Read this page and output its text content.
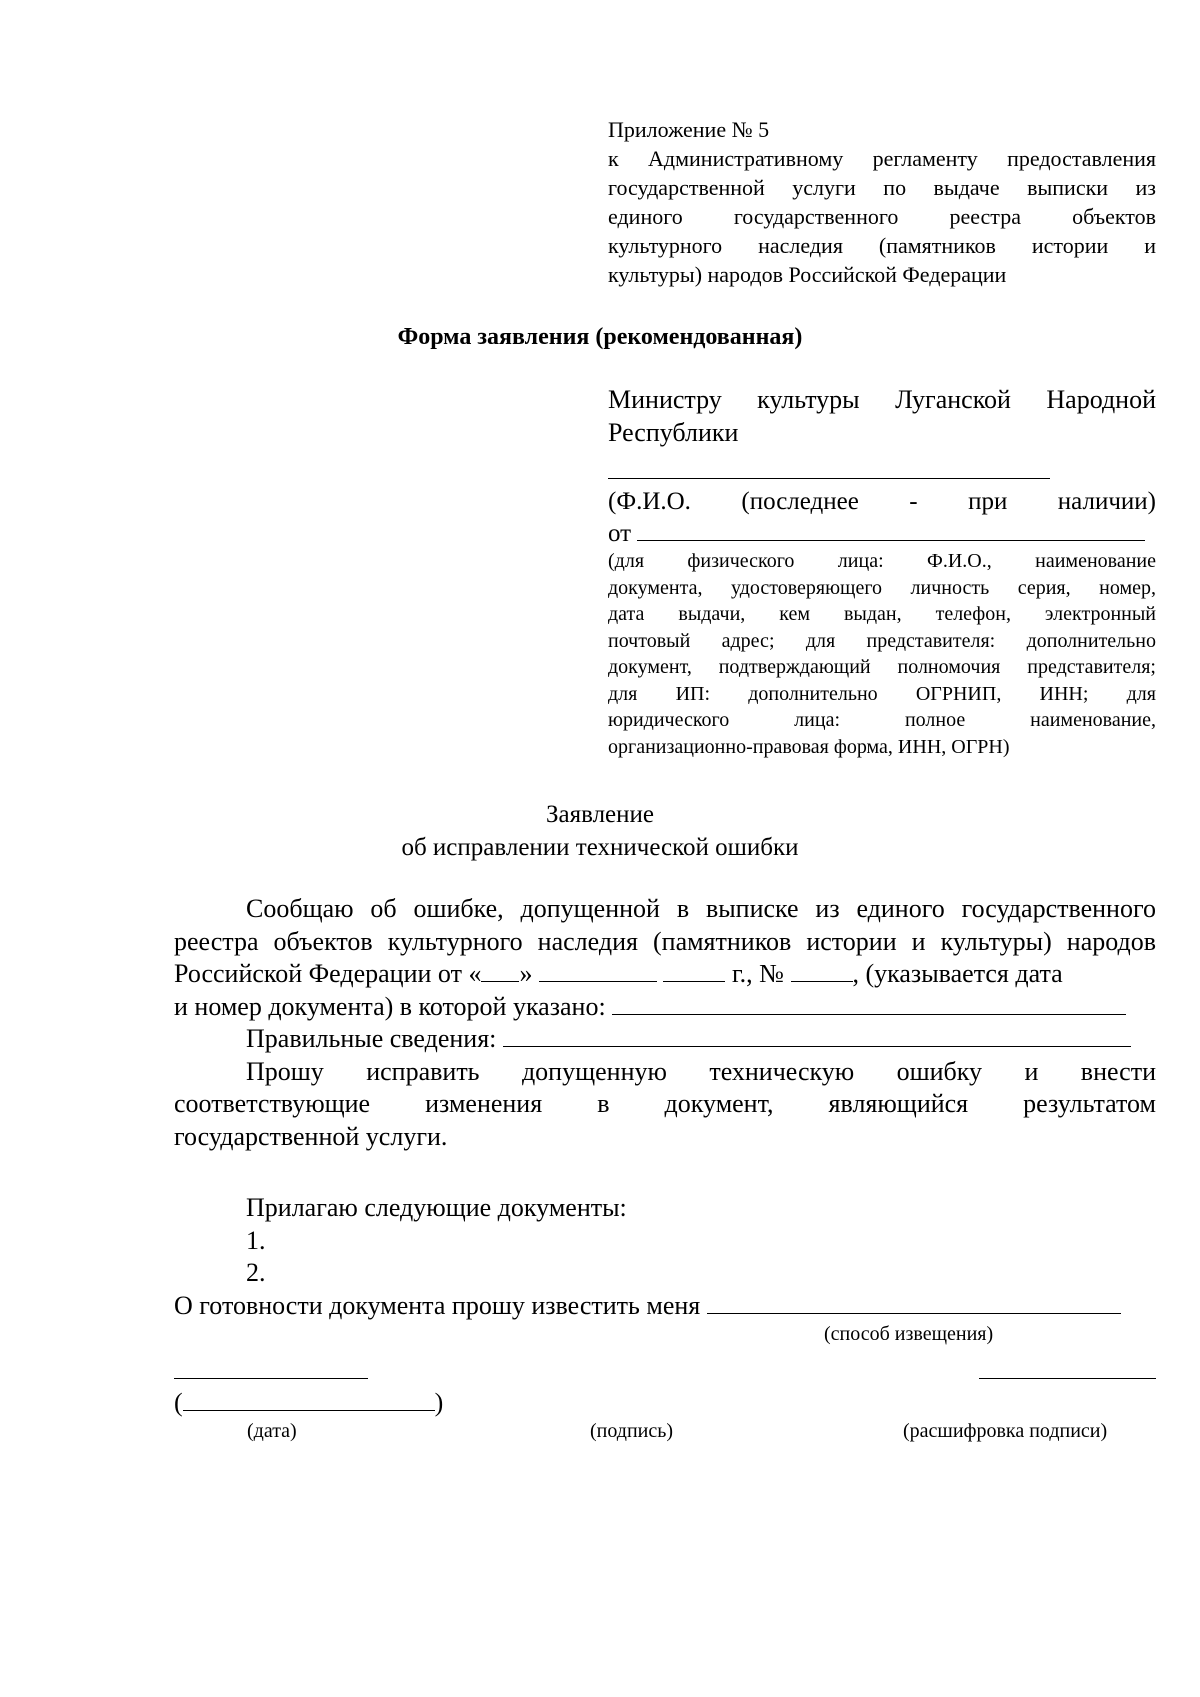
Приложение № 5
к Административному регламенту предоставления
государственной услуги по выдаче выписки из
единого государственного реестра объектов
культурного наследия (памятников истории и
культуры) народов Российской Федерации
Форма заявления (рекомендованная)
Министру культуры Луганской Народной
Республики
(Ф.И.О. (последнее - при наличии)
от
(для физического лица: Ф.И.О., наименование
документа, удостоверяющего личность серия, номер,
дата выдачи, кем выдан, телефон, электронный
почтовый адрес; для представителя: дополнительно
документ, подтверждающий полномочия представителя;
для ИП: дополнительно ОГРНИП, ИНН; для
юридического лица: полное наименование,
организационно-правовая форма, ИНН, ОГРН)
Заявление
об исправлении технической ошибки
Сообщаю об ошибке, допущенной в выписке из единого государственного
реестра объектов культурного наследия (памятников истории и культуры) народов
Российской Федерации от « »	г., №	, (указывается дата
и номер документа) в которой указано:
Правильные сведения:
Прошу исправить допущенную техническую ошибку и внести
соответствующие изменения в документ, являющийся результатом
государственной услуги.
Прилагаю следующие документы:
1.
2.
О готовности документа прошу известить меня
(способ извещения)
(	)
(дата)	(подпись)	(расшифровка подписи)
